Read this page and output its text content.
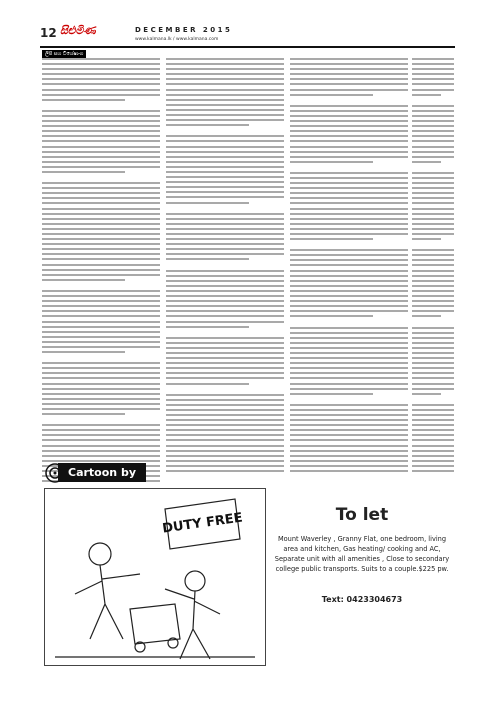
12 සිළුමිණ	DECEMBER 2015
www.kalmana.lk / www.kalmana.com
ලිපි සහ විශේෂාංග
Cartoon by PK
DUTY FREE	To let
Mount Waverley , Granny Flat, one bedroom, living area and kitchen, Gas heating/ cooking and AC, Separate unit with all amenities , Close to secondary college public transports. Suits to a couple.$225 pw.
Text: 0423304673
